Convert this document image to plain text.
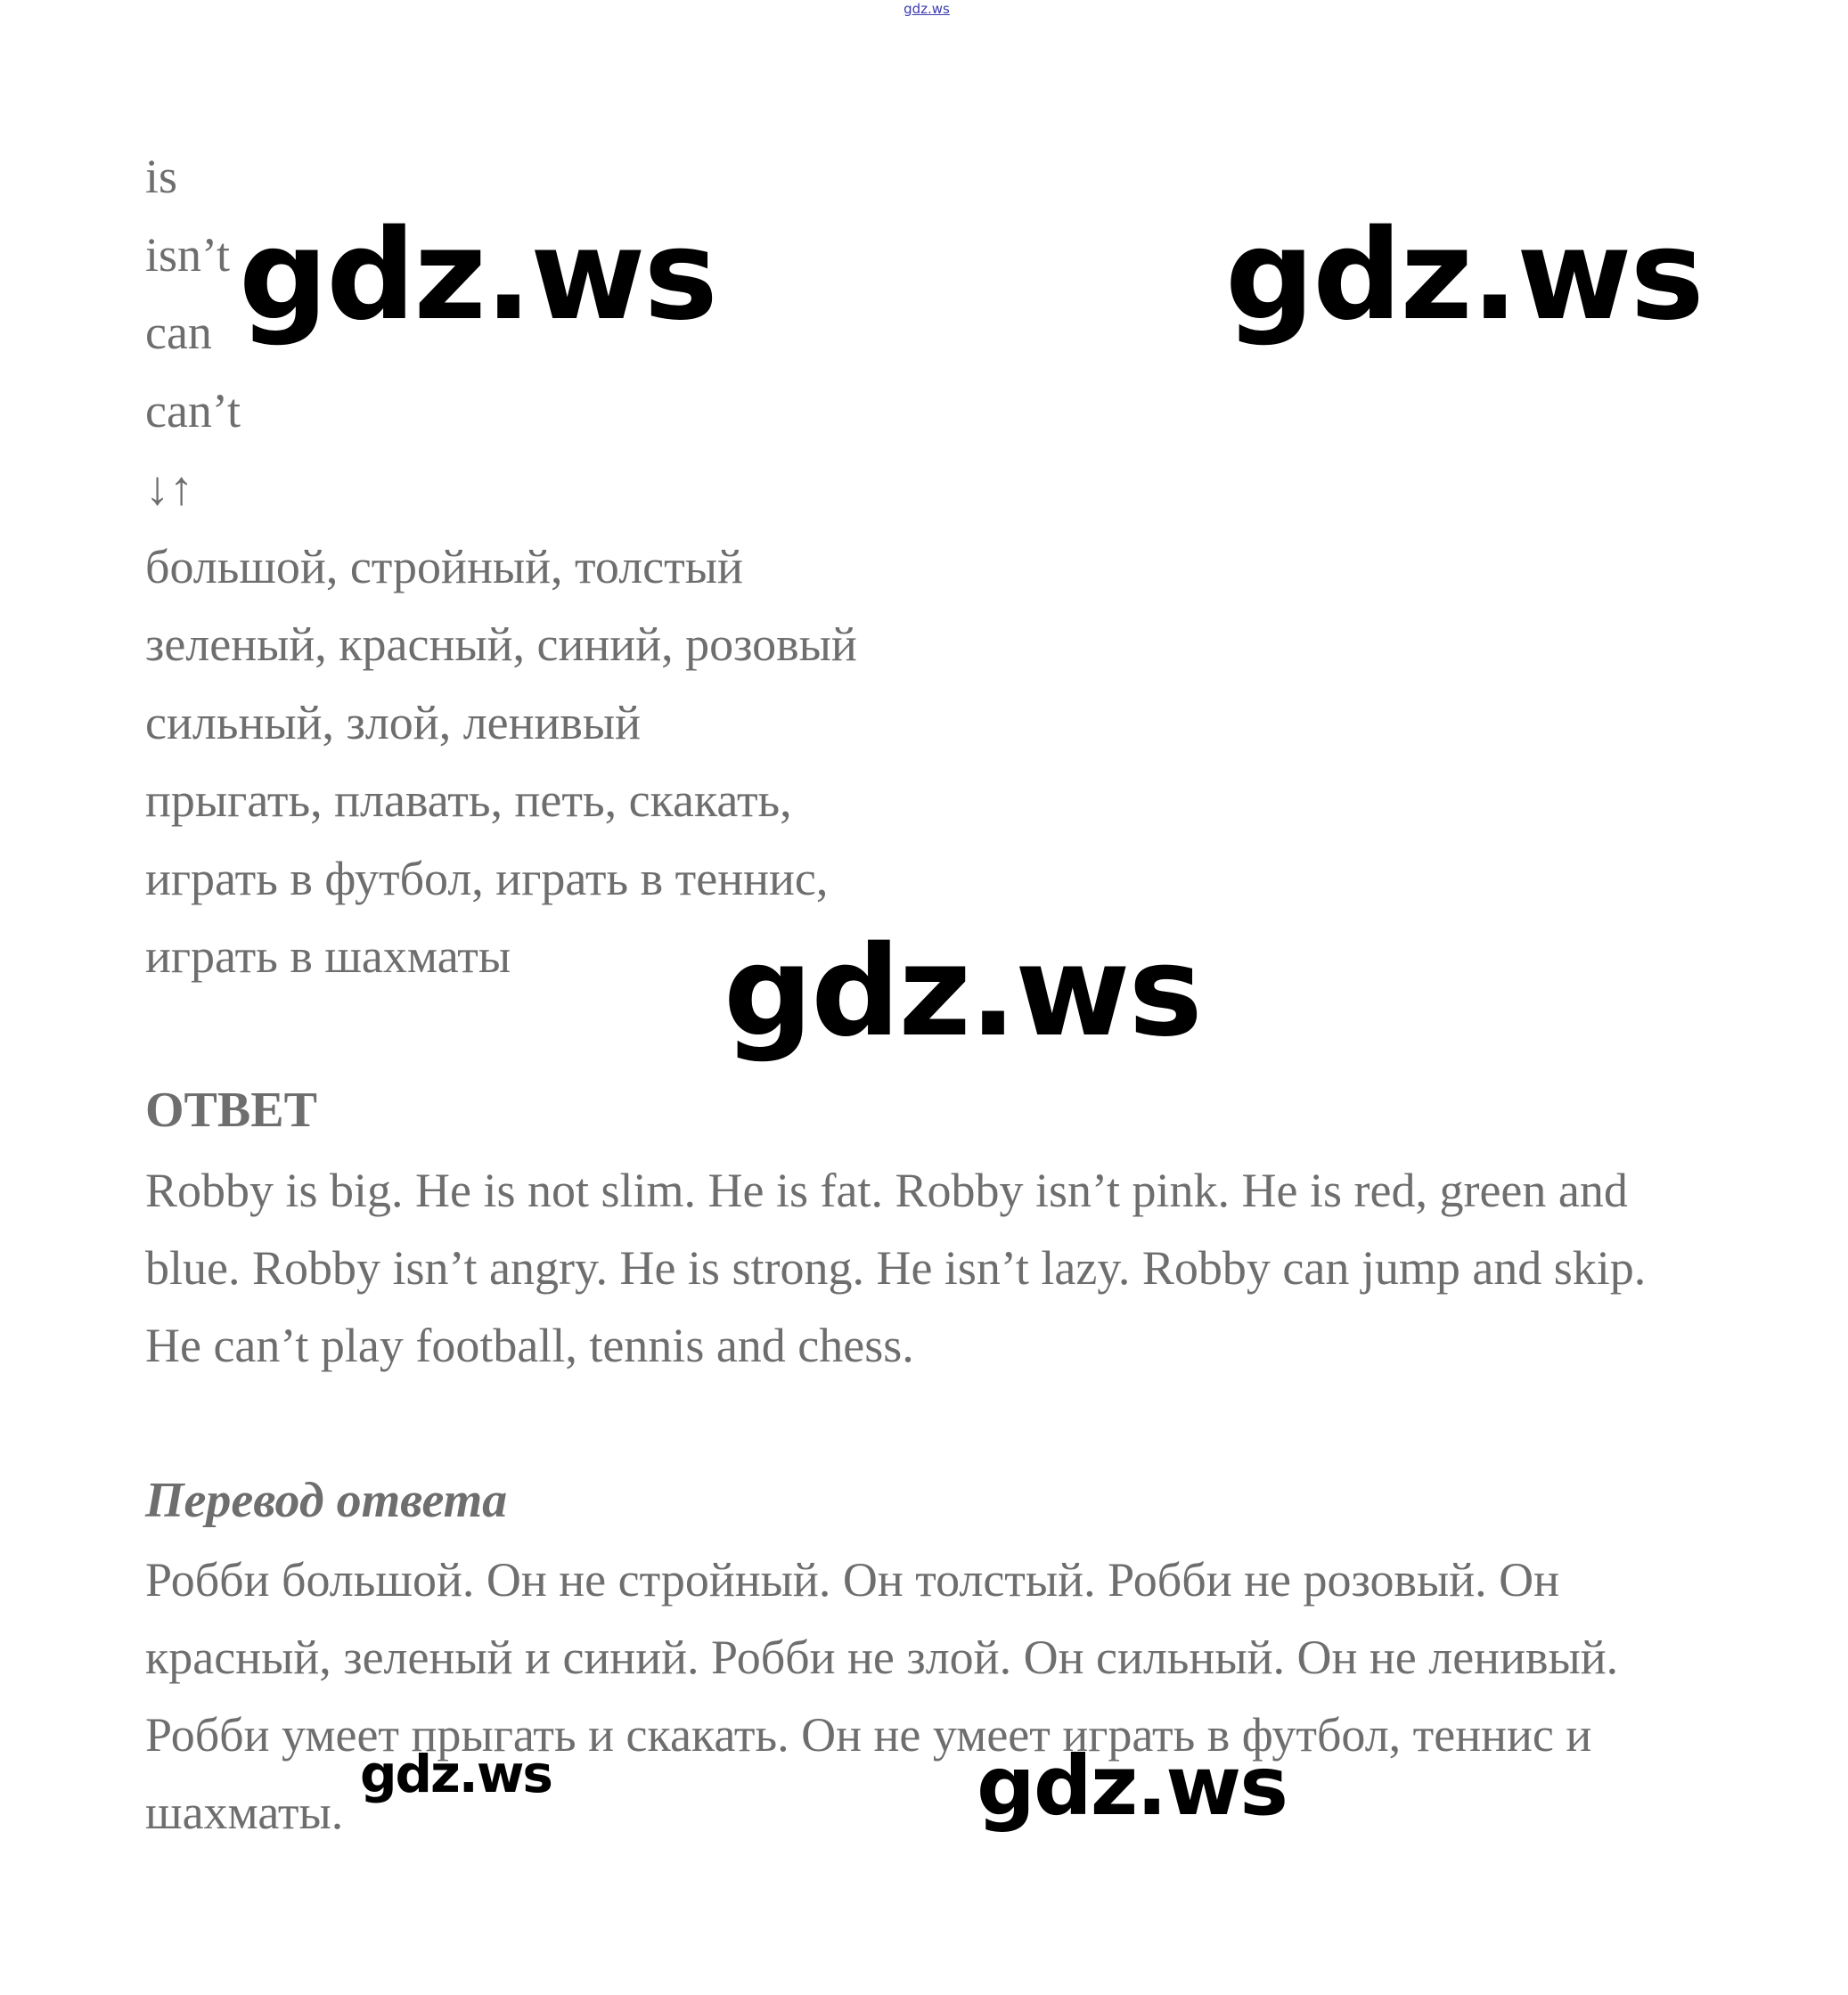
gdz.ws
is
isn’t
can
can’t
↓↑
большой, стройный, толстый
зеленый, красный, синий, розовый
сильный, злой, ленивый
прыгать, плавать, петь, скакать,
играть в футбол, играть в теннис,
играть в шахматы
ОТВЕТ
Robby is big. He is not slim. He is fat. Robby isn’t pink. He is red, green and blue. Robby isn’t angry. He is strong. He isn’t lazy. Robby can jump and skip. He can’t play football, tennis and chess.
Перевод ответа
Робби большой. Он не стройный. Он толстый. Робби не розовый. Он красный, зеленый и синий. Робби не злой. Он сильный. Он не ленивый. Робби умеет прыгать и скакать. Он не умеет играть в футбол, теннис и шахматы.
gdz.ws	gdz.ws
gdz.ws
gdz.ws	gdz.ws
